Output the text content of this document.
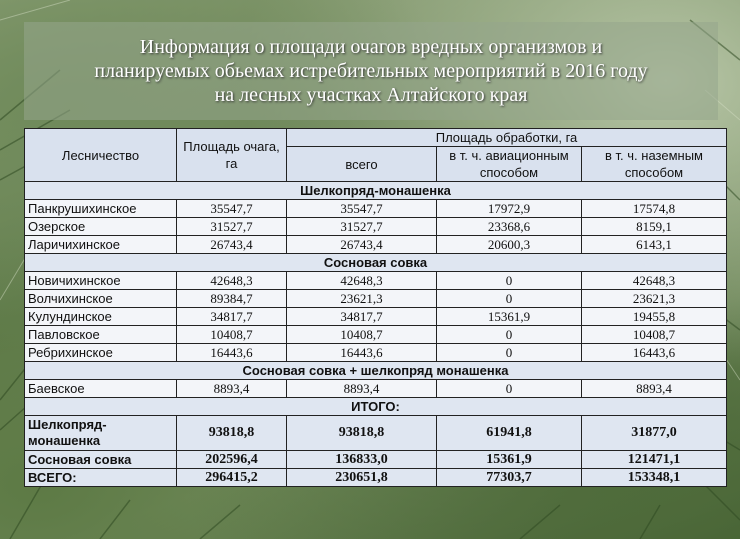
Информация о площади очагов вредных организмов и
планируемых обьемах истребительных мероприятий в 2016 году
на лесных участках Алтайского края
Лесничество	Площадь очага, га	Площадь обработки, га		
		всего	в т. ч. авиационным способом	в т. ч. наземным способом
Шелкопряд-монашенка				
Панкрушихинское	35547,7	35547,7	17972,9	17574,8
Озерское	31527,7	31527,7	23368,6	8159,1
Ларичихинское	26743,4	26743,4	20600,3	6143,1
Сосновая совка				
Новичихинское	42648,3	42648,3	0	42648,3
Волчихинское	89384,7	23621,3	0	23621,3
Кулундинское	34817,7	34817,7	15361,9	19455,8
Павловское	10408,7	10408,7	0	10408,7
Ребрихинское	16443,6	16443,6	0	16443,6
Сосновая совка + шелкопряд монашенка				
Баевское	8893,4	8893,4	0	8893,4
ИТОГО:				
Шелкопряд-монашенка	93818,8	93818,8	61941,8	31877,0
Сосновая совка	202596,4	136833,0	15361,9	121471,1
ВСЕГО:	296415,2	230651,8	77303,7	153348,1
